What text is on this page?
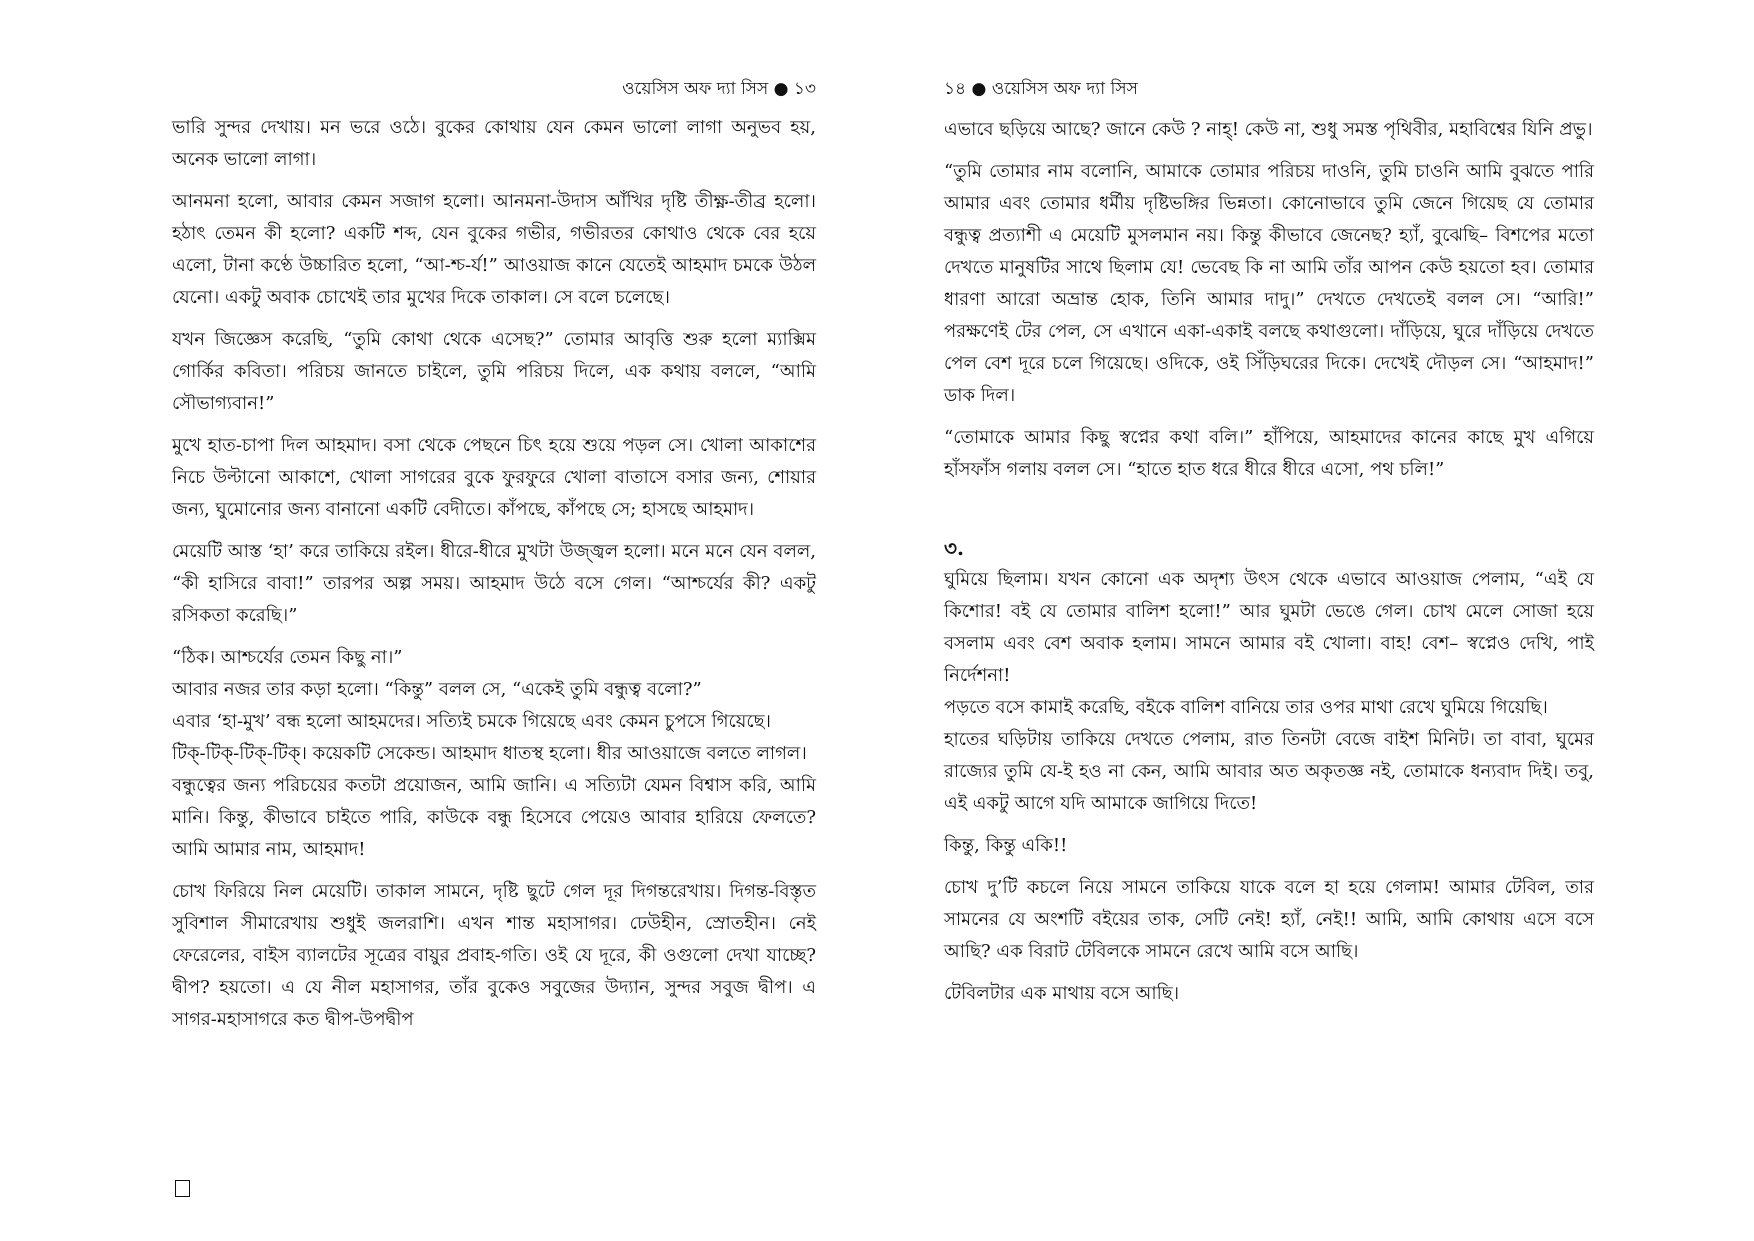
ওয়েসিস অফ দ্যা সিস ● ১৩

ভারি সুন্দর দেখায়। মন ভরে ওঠে। বুকের কোথায় যেন কেমন ভালো লাগা অনুভব হয়, অনেক ভালো লাগা।

আনমনা হলো, আবার কেমন সজাগ হলো। আনমনা-উদাস আঁখির দৃষ্টি তীক্ষ্ণ-তীব্র হলো। হঠাৎ তেমন কী হলো? একটি শব্দ, যেন বুকের গভীর, গভীরতর কোথাও থেকে বের হয়ে এলো, টানা কণ্ঠে উচ্চারিত হলো, “আ-শ্চ-র্য!” আওয়াজ কানে যেতেই আহমাদ চমকে উঠল যেনো। একটু অবাক চোখেই তার মুখের দিকে তাকাল। সে বলে চলেছে।

যখন জিজ্ঞেস করেছি, “তুমি কোথা থেকে এসেছ?” তোমার আবৃত্তি শুরু হলো ম্যাক্সিম গোর্কির কবিতা। পরিচয় জানতে চাইলে, তুমি পরিচয় দিলে, এক কথায় বললে, “আমি সৌভাগ্যবান!”

মুখে হাত-চাপা দিল আহমাদ। বসা থেকে পেছনে চিৎ হয়ে শুয়ে পড়ল সে। খোলা আকাশের নিচে উল্টানো আকাশে, খোলা সাগরের বুকে ফুরফুরে খোলা বাতাসে বসার জন্য, শোয়ার জন্য, ঘুমোনোর জন্য বানানো একটি বেদীতে। কাঁপছে, কাঁপছে সে; হাসছে আহমাদ।

মেয়েটি আস্ত ‘হা’ করে তাকিয়ে রইল। ধীরে-ধীরে মুখটা উজ্জ্বল হলো। মনে মনে যেন বলল, “কী হাসিরে বাবা!” তারপর অল্প সময়। আহমাদ উঠে বসে গেল। “আশ্চর্যের কী? একটু রসিকতা করেছি।”

“ঠিক। আশ্চর্যের তেমন কিছু না।”

আবার নজর তার কড়া হলো। “কিন্তু” বলল সে, “একেই তুমি বন্ধুত্ব বলো?”

এবার ‘হা-মুখ’ বন্ধ হলো আহমদের। সত্যিই চমকে গিয়েছে এবং কেমন চুপসে গিয়েছে।

টিক্-টিক্-টিক্-টিক্। কয়েকটি সেকেন্ড। আহমাদ ধাতস্থ হলো। ধীর আওয়াজে বলতে লাগল।

বন্ধুত্বের জন্য পরিচয়ের কতটা প্রয়োজন, আমি জানি। এ সত্যিটা যেমন বিশ্বাস করি, আমি মানি। কিন্তু, কীভাবে চাইতে পারি, কাউকে বন্ধু হিসেবে পেয়েও আবার হারিয়ে ফেলতে? আমি আমার নাম, আহমাদ!

চোখ ফিরিয়ে নিল মেয়েটি। তাকাল সামনে, দৃষ্টি ছুটে গেল দূর দিগন্তরেখায়। দিগন্ত-বিস্তৃত সুবিশাল সীমারেখায় শুধুই জলরাশি। এখন শান্ত মহাসাগর। ঢেউহীন, স্রোতহীন। নেই ফেরেলের, বাইস ব্যালটের সূত্রের বায়ুর প্রবাহ-গতি। ওই যে দূরে, কী ওগুলো দেখা যাচ্ছে? দ্বীপ? হয়তো। এ যে নীল মহাসাগর, তাঁর বুকেও সবুজের উদ্যান, সুন্দর সবুজ দ্বীপ। এ সাগর-মহাসাগরে কত দ্বীপ-উপদ্বীপ

১৪ ● ওয়েসিস অফ দ্যা সিস

এভাবে ছড়িয়ে আছে? জানে কেউ ? নাহ্! কেউ না, শুধু সমস্ত পৃথিবীর, মহাবিশ্বের যিনি প্রভু।

“তুমি তোমার নাম বলোনি, আমাকে তোমার পরিচয় দাওনি, তুমি চাওনি আমি বুঝতে পারি আমার এবং তোমার ধর্মীয় দৃষ্টিভঙ্গির ভিন্নতা। কোনোভাবে তুমি জেনে গিয়েছ যে তোমার বন্ধুত্ব প্রত্যাশী এ মেয়েটি মুসলমান নয়। কিন্তু কীভাবে জেনেছ? হ্যাঁ, বুঝেছি– বিশপের মতো দেখতে মানুষটির সাথে ছিলাম যে! ভেবেছ কি না আমি তাঁর আপন কেউ হয়তো হব। তোমার ধারণা আরো অভ্রান্ত হোক, তিনি আমার দাদু।” দেখতে দেখতেই বলল সে। “আরি!” পরক্ষণেই টের পেল, সে এখানে একা-একাই বলছে কথাগুলো। দাঁড়িয়ে, ঘুরে দাঁড়িয়ে দেখতে পেল বেশ দূরে চলে গিয়েছে। ওদিকে, ওই সিঁড়িঘরের দিকে। দেখেই দৌড়ল সে। “আহমাদ!” ডাক দিল।

“তোমাকে আমার কিছু স্বপ্নের কথা বলি।” হাঁপিয়ে, আহমাদের কানের কাছে মুখ এগিয়ে হাঁসফাঁস গলায় বলল সে। “হাতে হাত ধরে ধীরে ধীরে এসো, পথ চলি!”

৩.

ঘুমিয়ে ছিলাম। যখন কোনো এক অদৃশ্য উৎস থেকে এভাবে আওয়াজ পেলাম, “এই যে কিশোর! বই যে তোমার বালিশ হলো!” আর ঘুমটা ভেঙে গেল। চোখ মেলে সোজা হয়ে বসলাম এবং বেশ অবাক হলাম। সামনে আমার বই খোলা। বাহ! বেশ– স্বপ্নেও দেখি, পাই নির্দেশনা!

পড়তে বসে কামাই করেছি, বইকে বালিশ বানিয়ে তার ওপর মাথা রেখে ঘুমিয়ে গিয়েছি।

হাতের ঘড়িটায় তাকিয়ে দেখতে পেলাম, রাত তিনটা বেজে বাইশ মিনিট। তা বাবা, ঘুমের রাজ্যের তুমি যে-ই হও না কেন, আমি আবার অত অকৃতজ্ঞ নই, তোমাকে ধন্যবাদ দিই। তবু, এই একটু আগে যদি আমাকে জাগিয়ে দিতে!

কিন্তু, কিন্তু একি!!

চোখ দু’টি কচলে নিয়ে সামনে তাকিয়ে যাকে বলে হা হয়ে গেলাম! আমার টেবিল, তার সামনের যে অংশটি বইয়ের তাক, সেটি নেই! হ্যাঁ, নেই!! আমি, আমি কোথায় এসে বসে আছি? এক বিরাট টেবিলকে সামনে রেখে আমি বসে আছি।

টেবিলটার এক মাথায় বসে আছি।
